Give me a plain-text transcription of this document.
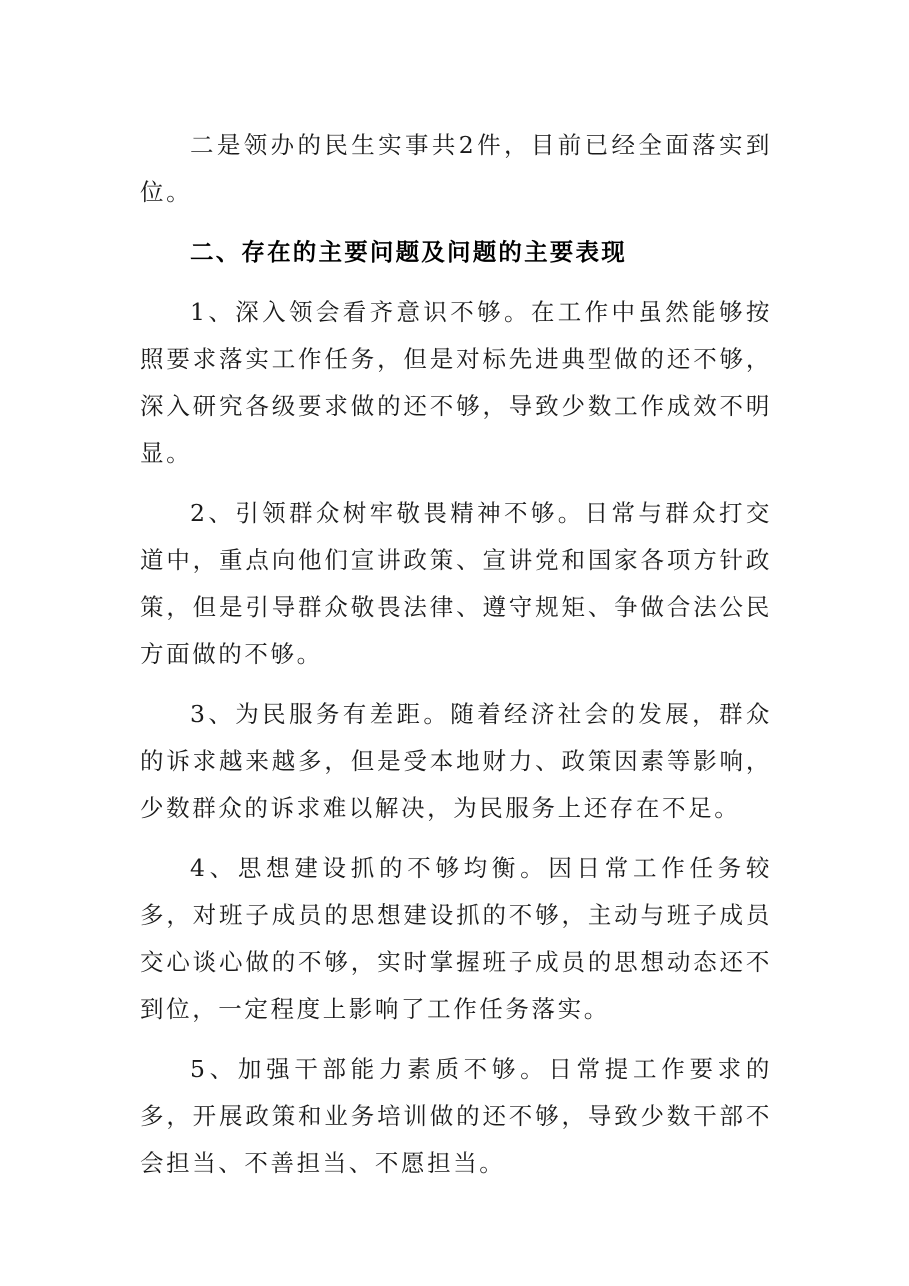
二是领办的民生实事共2件，目前已经全面落实到位。

二、存在的主要问题及问题的主要表现

1、深入领会看齐意识不够。在工作中虽然能够按照要求落实工作任务，但是对标先进典型做的还不够，深入研究各级要求做的还不够，导致少数工作成效不明显。

2、引领群众树牢敬畏精神不够。日常与群众打交道中，重点向他们宣讲政策、宣讲党和国家各项方针政策，但是引导群众敬畏法律、遵守规矩、争做合法公民方面做的不够。

3、为民服务有差距。随着经济社会的发展，群众的诉求越来越多，但是受本地财力、政策因素等影响，少数群众的诉求难以解决，为民服务上还存在不足。

4、思想建设抓的不够均衡。因日常工作任务较多，对班子成员的思想建设抓的不够，主动与班子成员交心谈心做的不够，实时掌握班子成员的思想动态还不到位，一定程度上影响了工作任务落实。

5、加强干部能力素质不够。日常提工作要求的多，开展政策和业务培训做的还不够，导致少数干部不会担当、不善担当、不愿担当。
